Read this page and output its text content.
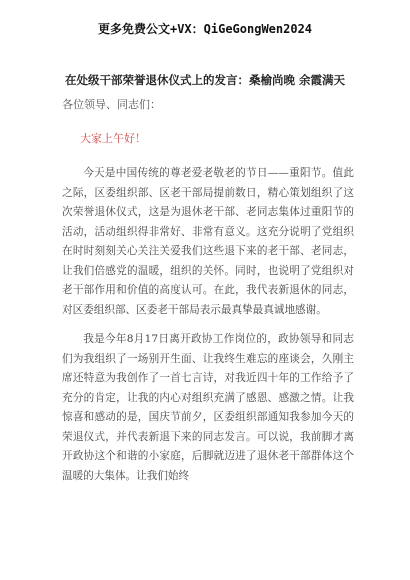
更多免费公文+VX：QiGeGongWen2024
在处级干部荣誉退休仪式上的发言：桑榆尚晚 余霞满天
各位领导、同志们：
大家上午好！

今天是中国传统的尊老爱老敬老的节日——重阳节。值此之际，区委组织部、区老干部局提前数日，精心策划组织了这次荣誉退休仪式，这是为退休老干部、老同志集体过重阳节的活动，活动组织得非常好、非常有意义。这充分说明了党组织在时时刻刻关心关注关爱我们这些退下来的老干部、老同志，让我们倍感党的温暖，组织的关怀。同时，也说明了党组织对老干部作用和价值的高度认可。在此，我代表新退休的同志，对区委组织部、区委老干部局表示最真挚最真诚地感谢。

我是今年8月17日离开政协工作岗位的，政协领导和同志们为我组织了一场别开生面、让我终生难忘的座谈会，久刚主席还特意为我创作了一首七言诗，对我近四十年的工作给予了充分的肯定，让我的内心对组织充满了感恩、感激之情。让我惊喜和感动的是，国庆节前夕，区委组织部通知我参加今天的荣退仪式，并代表新退下来的同志发言。可以说，我前脚才离开政协这个和谐的小家庭，后脚就迈进了退休老干部群体这个温暖的大集体。让我们始终
